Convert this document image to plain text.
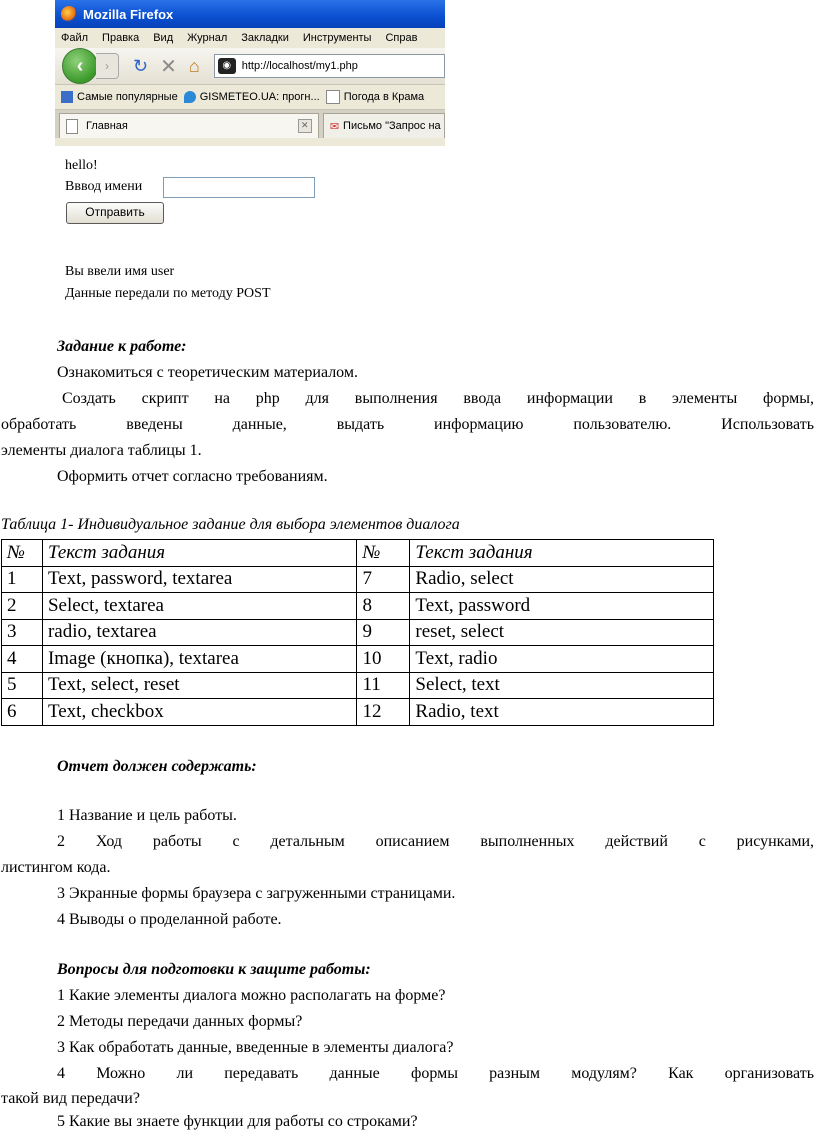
Mozilla Firefox
Файл Правка Вид Журнал Закладки Инструменты Справ
‹	›	↻ ✕ ⌂	◉ http://localhost/my1.php
Самые популярные GISMETEO.UA: прогн... Погода в Крама
Главная	✕ ✉ Письмо "Запрос на
hello!
Вввод имени
Отправить
Вы ввели имя user
Данные передали по методу POST
Задание к работе:
Ознакомиться с теоретическим материалом.
Создать скрипт на php для выполнения ввода информации в элементы формы,
обработать введены данные, выдать информацию пользователю. Использовать
элементы диалога таблицы 1.
Оформить отчет согласно требованиям.
Таблица 1- Индивидуальное задание для выбора элементов диалога
№	Текст задания	№	Текст задания
1	Text, password, textarea	7	Radio, select
2	Select, textarea	8	Text, password
3	radio, textarea	9	reset, select
4	Image (кнопка), textarea	10	Text, radio
5	Text, select, reset	11	Select, text
6	Text, checkbox	12	Radio, text
Отчет должен содержать:
1 Название и цель работы.
2 Ход работы с детальным описанием выполненных действий с рисунками,
листингом кода.
3 Экранные формы браузера с загруженными страницами.
4 Выводы о проделанной работе.
Вопросы для подготовки к защите работы:
1 Какие элементы диалога можно располагать на форме?
2 Методы передачи данных формы?
3 Как обработать данные, введенные в элементы диалога?
4 Можно ли передавать данные формы разным модулям? Как организовать
такой вид передачи?
5 Какие вы знаете функции для работы со строками?
